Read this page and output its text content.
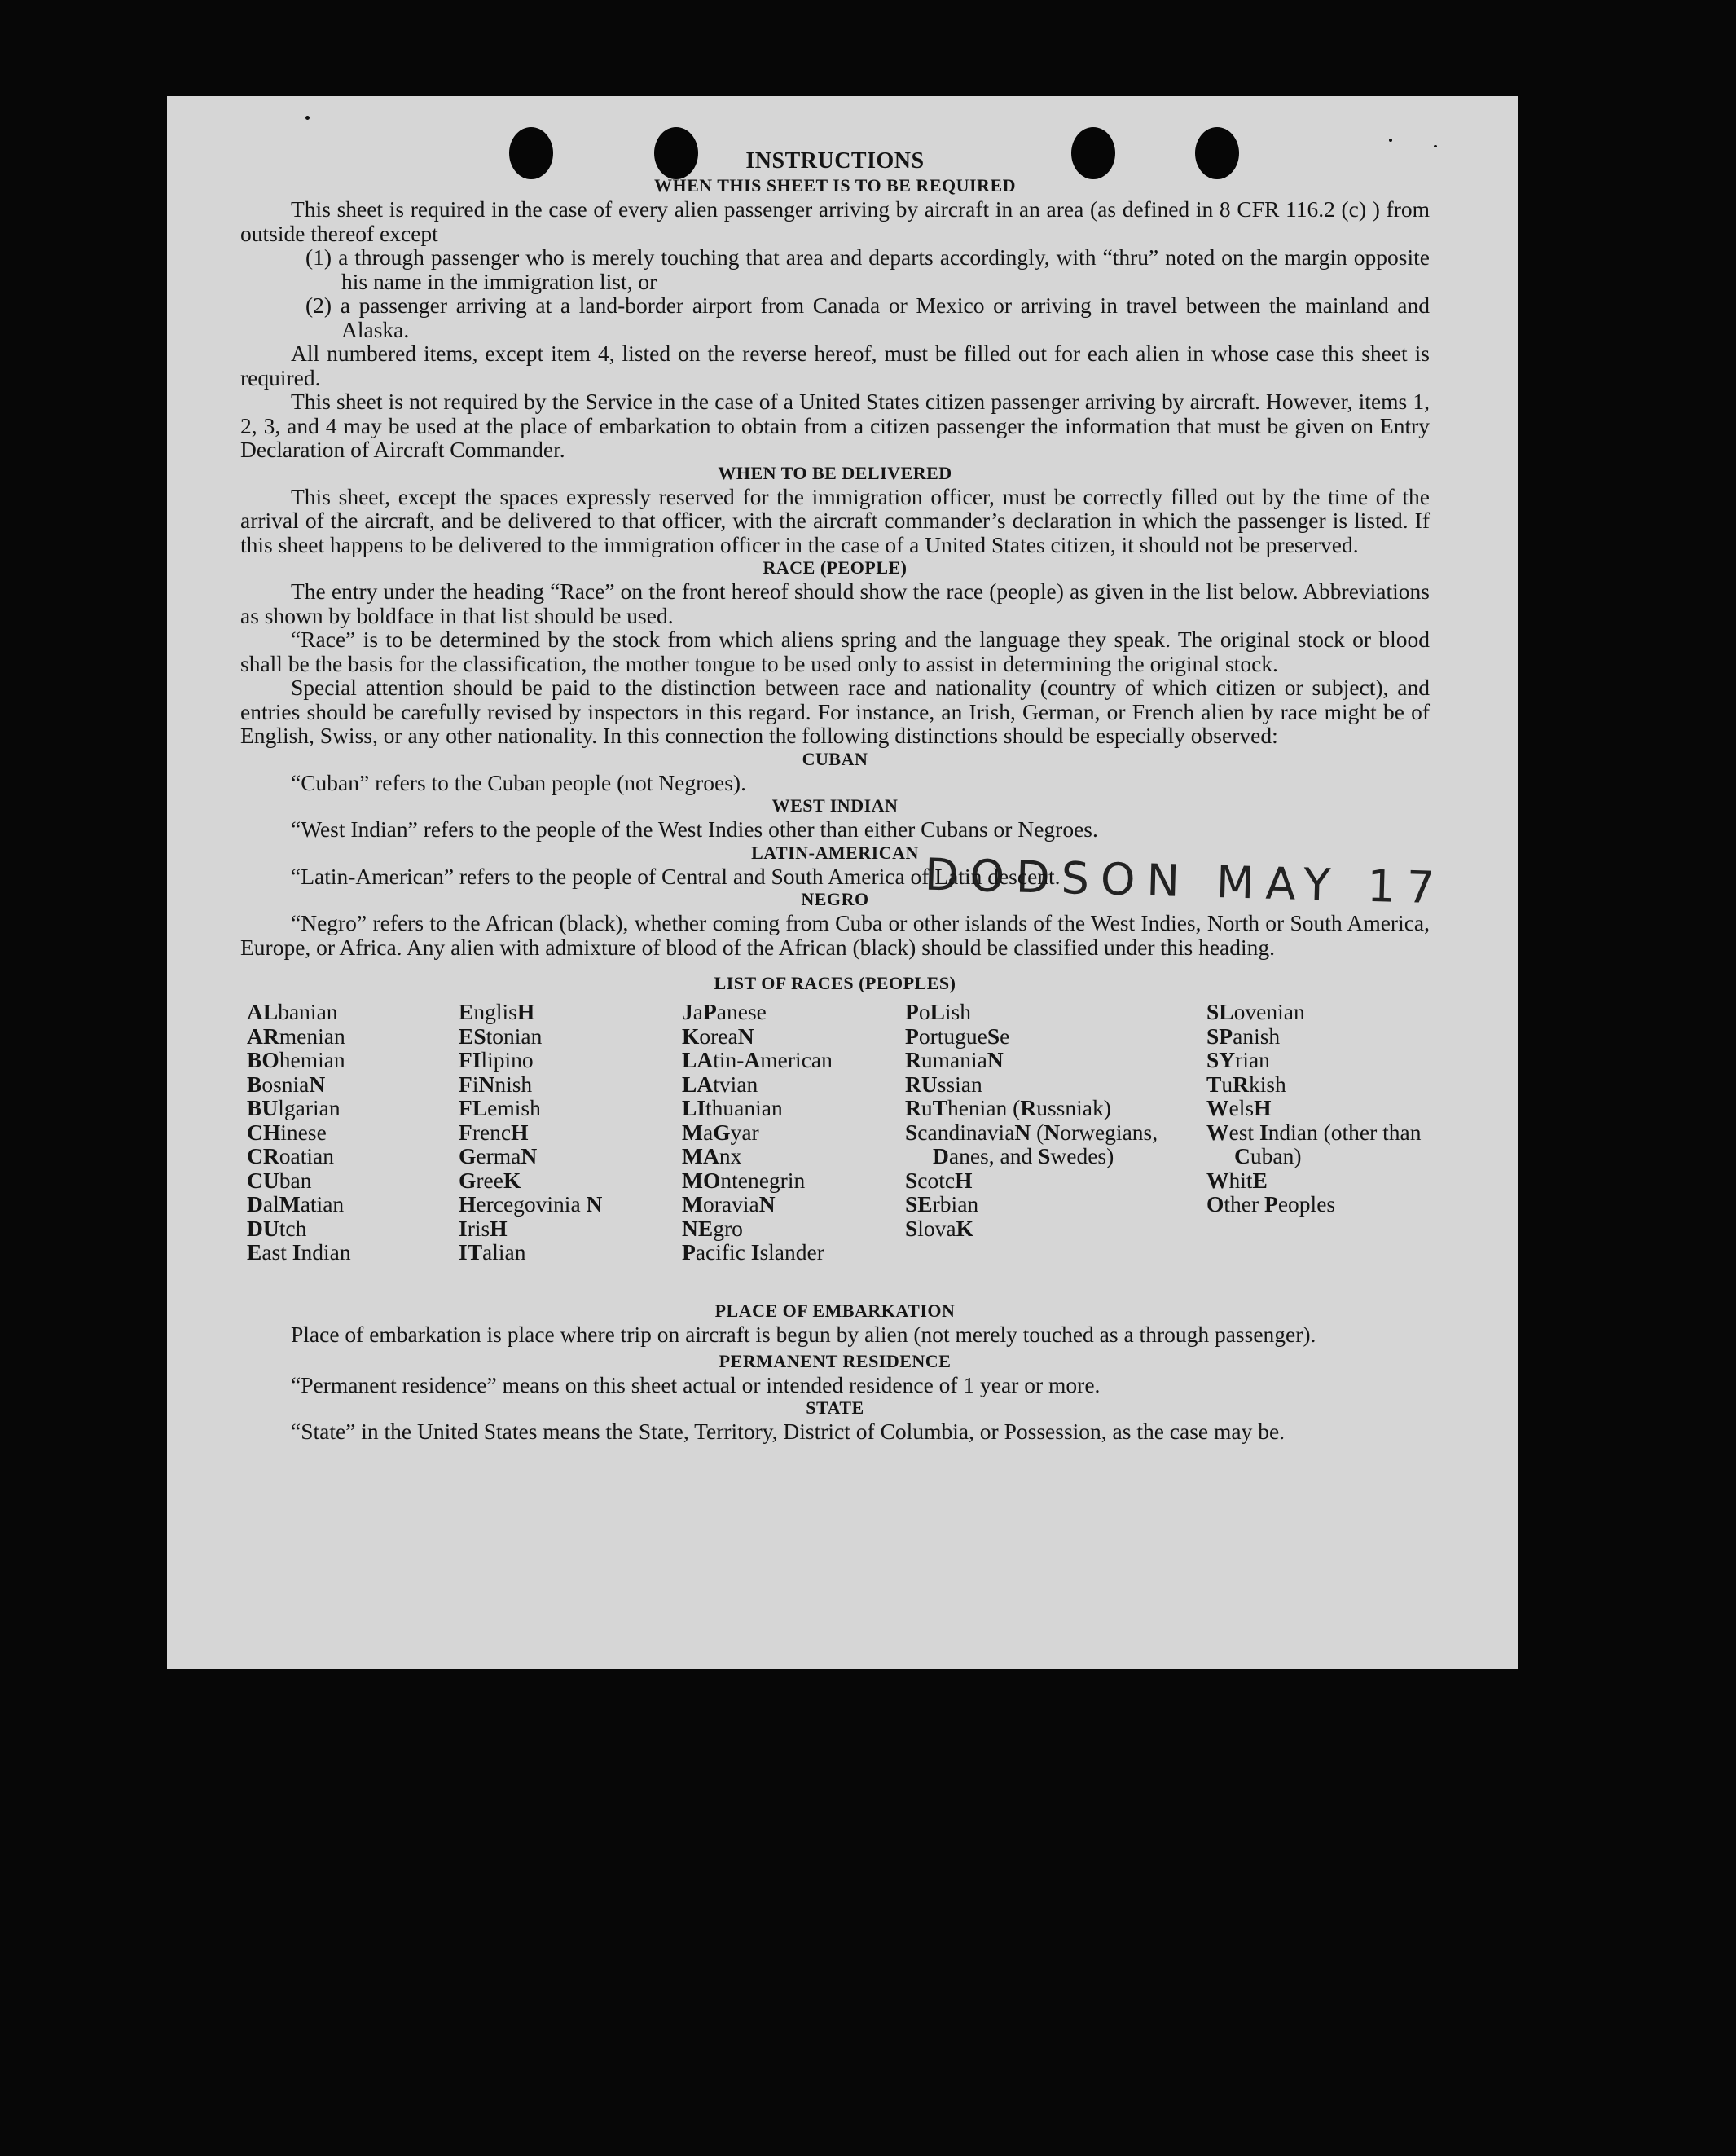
DODSON MAY 17
INSTRUCTIONS
WHEN THIS SHEET IS TO BE REQUIRED

This sheet is required in the case of every alien passenger arriving by aircraft in an area (as defined in 8 CFR 116.2 (c) ) from outside thereof except

(1) a through passenger who is merely touching that area and departs accordingly, with “thru” noted on the margin opposite his name in the immigration list, or

(2) a passenger arriving at a land-border airport from Canada or Mexico or arriving in travel between the mainland and Alaska.

All numbered items, except item 4, listed on the reverse hereof, must be filled out for each alien in whose case this sheet is required.

This sheet is not required by the Service in the case of a United States citizen passenger arriving by aircraft. However, items 1, 2, 3, and 4 may be used at the place of embarkation to obtain from a citizen passenger the information that must be given on Entry Declaration of Aircraft Commander.

WHEN TO BE DELIVERED

This sheet, except the spaces expressly reserved for the immigration officer, must be correctly filled out by the time of the arrival of the aircraft, and be delivered to that officer, with the aircraft commander’s declaration in which the passenger is listed. If this sheet happens to be delivered to the immigration officer in the case of a United States citizen, it should not be preserved.

RACE (PEOPLE)

The entry under the heading “Race” on the front hereof should show the race (people) as given in the list below. Abbreviations as shown by boldface in that list should be used.

“Race” is to be determined by the stock from which aliens spring and the language they speak. The original stock or blood shall be the basis for the classification, the mother tongue to be used only to assist in determining the original stock.

Special attention should be paid to the distinction between race and nationality (country of which citizen or subject), and entries should be carefully revised by inspectors in this regard. For instance, an Irish, German, or French alien by race might be of English, Swiss, or any other nationality. In this connection the following distinctions should be especially observed:

CUBAN

“Cuban” refers to the Cuban people (not Negroes).

WEST INDIAN

“West Indian” refers to the people of the West Indies other than either Cubans or Negroes.

LATIN-AMERICAN

“Latin-American” refers to the people of Central and South America of Latin descent.

NEGRO

“Negro” refers to the African (black), whether coming from Cuba or other islands of the West Indies, North or South America, Europe, or Africa. Any alien with admixture of blood of the African (black) should be classified under this heading.

LIST OF RACES (PEOPLES)
ALbanian
ARmenian
BOhemian
BosniaN
BUlgarian
CHinese
CRoatian
CUban
DalMatian
DUtch
East Indian
EnglisH
EStonian
FIlipino
FiNnish
FLemish
FrencH
GermaN
GreeK
Hercegovinia N
IrisH
ITalian
JaPanese
KoreaN
LAtin-American
LAtvian
LIthuanian
MaGyar
MAnx
MOntenegrin
MoraviaN
NEgro
Pacific Islander
PoLish
PortugueSe
RumaniaN
RUssian
RuThenian (Russniak)
ScandinaviaN (Norwegians, Danes, and Swedes)
ScotcH
SErbian
SlovaK
SLovenian
SPanish
SYrian
TuRkish
WelsH
West Indian (other than Cuban)
WhitE
Other Peoples
PLACE OF EMBARKATION

Place of embarkation is place where trip on aircraft is begun by alien (not merely touched as a through passenger).

PERMANENT RESIDENCE

“Permanent residence” means on this sheet actual or intended residence of 1 year or more.

STATE

“State” in the United States means the State, Territory, District of Columbia, or Possession, as the case may be.
